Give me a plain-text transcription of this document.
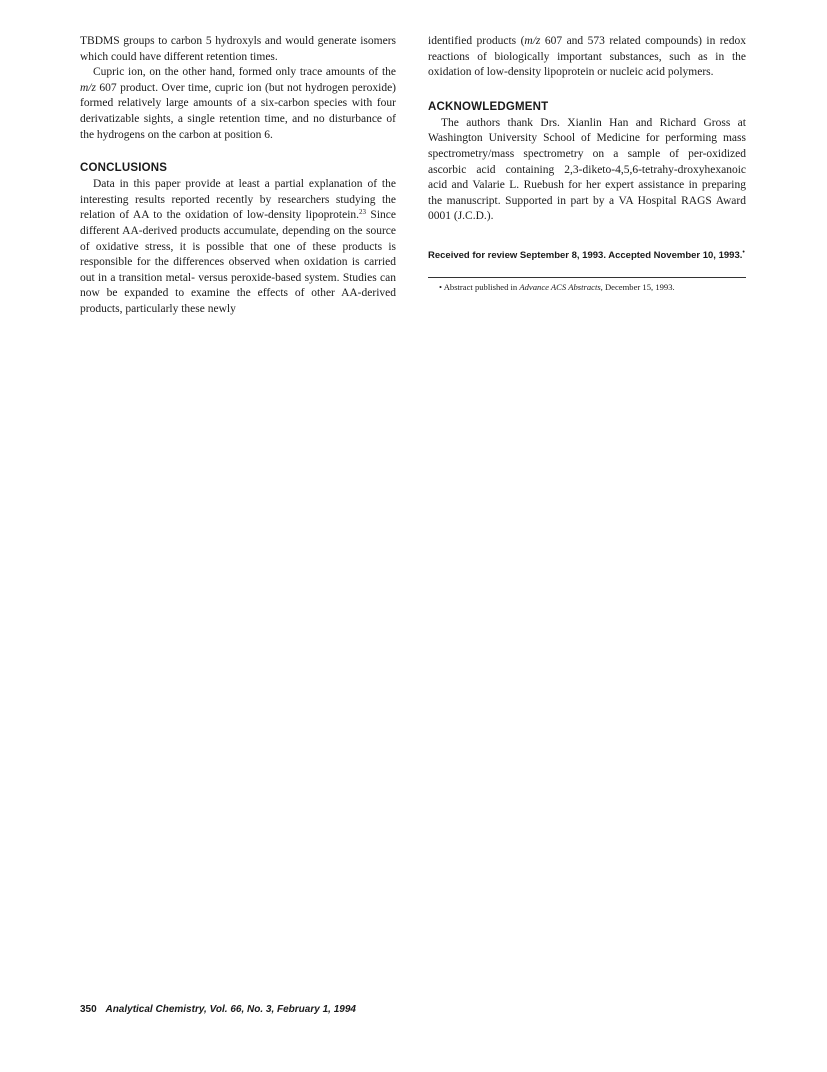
TBDMS groups to carbon 5 hydroxyls and would generate isomers which could have different retention times.

Cupric ion, on the other hand, formed only trace amounts of the m/z 607 product. Over time, cupric ion (but not hydrogen peroxide) formed relatively large amounts of a six-carbon species with four derivatizable sights, a single retention time, and no disturbance of the hydrogens on the carbon at position 6.

CONCLUSIONS

Data in this paper provide at least a partial explanation of the interesting results reported recently by researchers studying the relation of AA to the oxidation of low-density lipoprotein.$^{23}$ Since different AA-derived products accumulate, depending on the source of oxidative stress, it is possible that one of these products is responsible for the differences observed when oxidation is carried out in a transition metal- versus peroxide-based system. Studies can now be expanded to examine the effects of other AA-derived products, particularly these newly

identified products (m/z 607 and 573 related compounds) in redox reactions of biologically important substances, such as in the oxidation of low-density lipoprotein or nucleic acid polymers.

ACKNOWLEDGMENT

The authors thank Drs. Xianlin Han and Richard Gross at Washington University School of Medicine for performing mass spectrometry/mass spectrometry on a sample of per-oxidized ascorbic acid containing 2,3-diketo-4,5,6-tetrahy-droxyhexanoic acid and Valarie L. Ruebush for her expert assistance in preparing the manuscript. Supported in part by a VA Hospital RAGS Award 0001 (J.C.D.).

Received for review September 8, 1993. Accepted November 10, 1993.•
• Abstract published in Advance ACS Abstracts, December 15, 1993.
350 Analytical Chemistry, Vol. 66, No. 3, February 1, 1994
